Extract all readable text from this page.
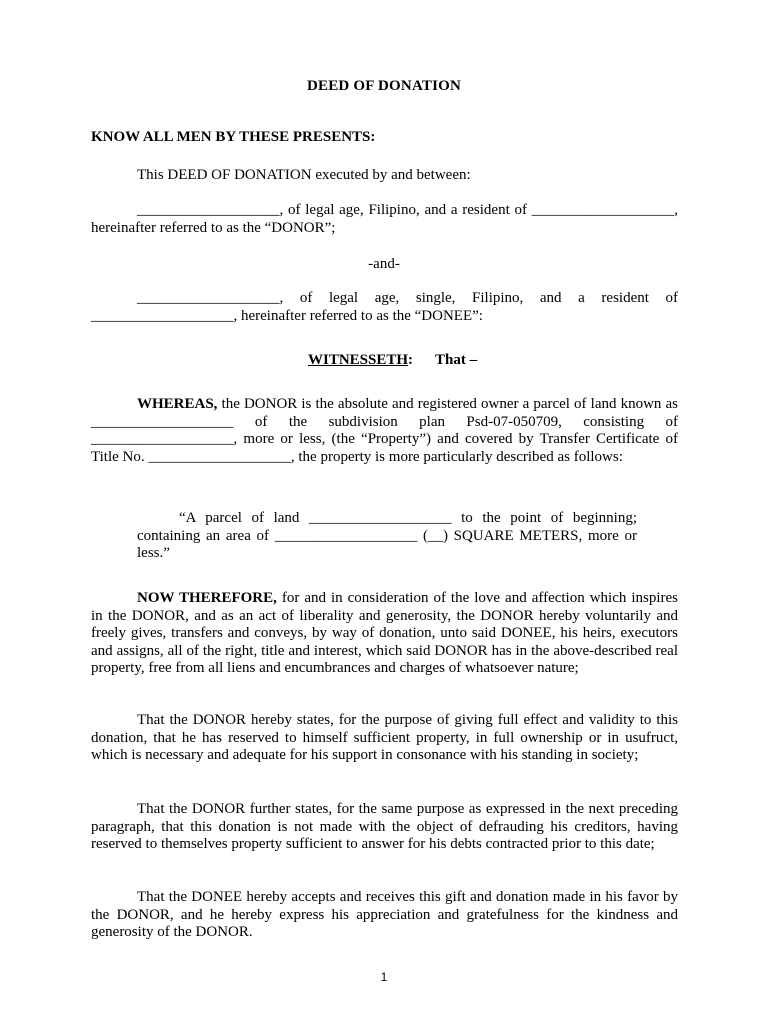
DEED OF DONATION

KNOW ALL MEN BY THESE PRESENTS:

This DEED OF DONATION executed by and between:

___________________, of legal age, Filipino, and a resident of ___________________, hereinafter referred to as the “DONOR”;

-and-

___________________, of legal age, single, Filipino, and a resident of ___________________, hereinafter referred to as the “DONEE”:

WITNESSETH: That –

WHEREAS, the DONOR is the absolute and registered owner a parcel of land known as ___________________ of the subdivision plan Psd-07-050709, consisting of ___________________, more or less, (the “Property”) and covered by Transfer Certificate of Title No. ___________________, the property is more particularly described as follows:

“A parcel of land ___________________ to the point of beginning; containing an area of ___________________ (__) SQUARE METERS, more or less.”

NOW THEREFORE, for and in consideration of the love and affection which inspires in the DONOR, and as an act of liberality and generosity, the DONOR hereby voluntarily and freely gives, transfers and conveys, by way of donation, unto said DONEE, his heirs, executors and assigns, all of the right, title and interest, which said DONOR has in the above-described real property, free from all liens and encumbrances and charges of whatsoever nature;

That the DONOR hereby states, for the purpose of giving full effect and validity to this donation, that he has reserved to himself sufficient property, in full ownership or in usufruct, which is necessary and adequate for his support in consonance with his standing in society;

That the DONOR further states, for the same purpose as expressed in the next preceding paragraph, that this donation is not made with the object of defrauding his creditors, having reserved to themselves property sufficient to answer for his debts contracted prior to this date;

That the DONEE hereby accepts and receives this gift and donation made in his favor by the DONOR, and he hereby express his appreciation and gratefulness for the kindness and generosity of the DONOR.

1
